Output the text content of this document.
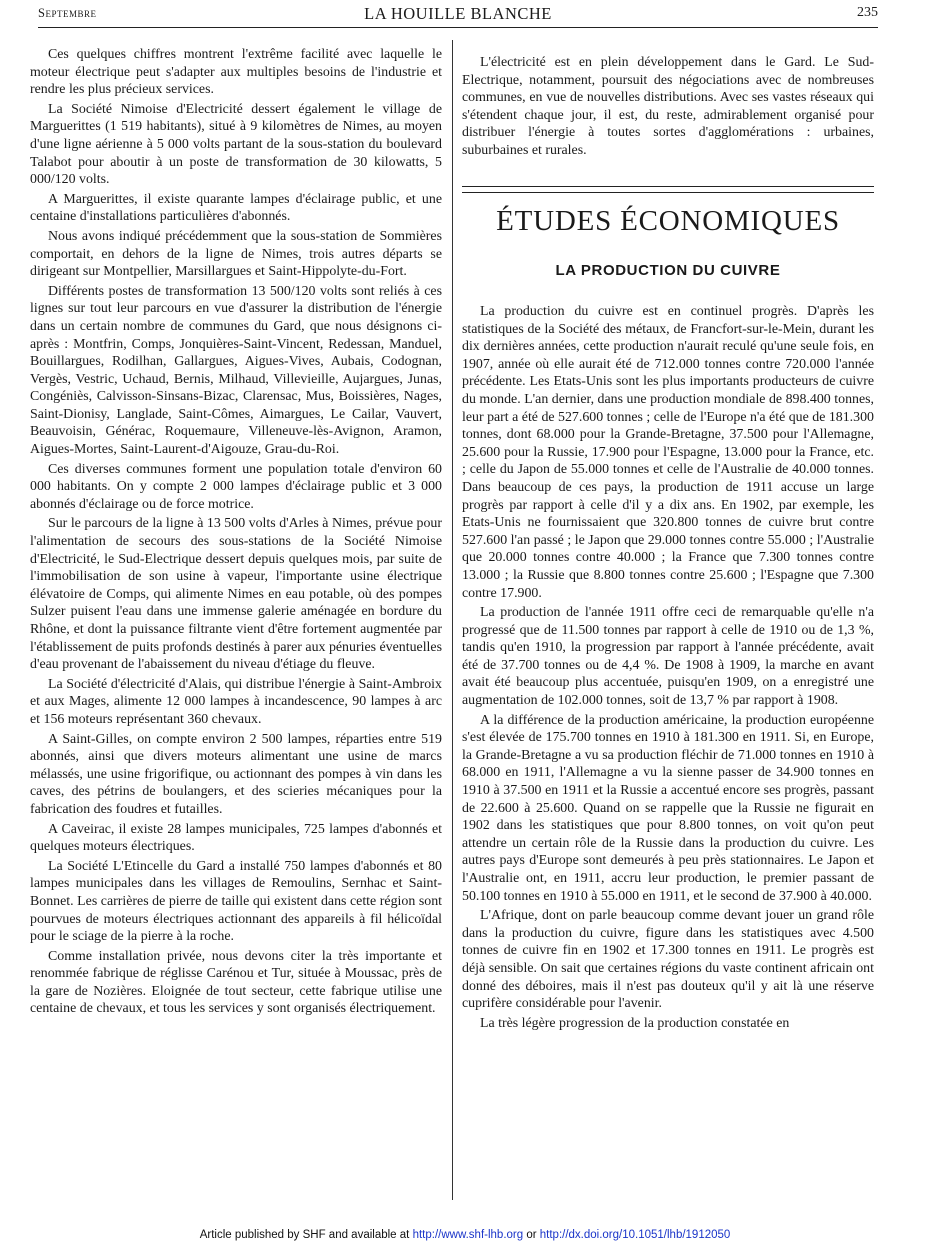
Septembre	LA HOUILLE BLANCHE	235

Ces quelques chiffres montrent l'extrême facilité avec laquelle le moteur électrique peut s'adapter aux multiples besoins de l'industrie et rendre les plus précieux services.

La Société Nimoise d'Electricité dessert également le village de Marguerittes (1 519 habitants), situé à 9 kilomètres de Nimes, au moyen d'une ligne aérienne à 5 000 volts partant de la sous-station du boulevard Talabot pour aboutir à un poste de transformation de 30 kilowatts, 5 000/120 volts.

A Marguerittes, il existe quarante lampes d'éclairage public, et une centaine d'installations particulières d'abonnés.

Nous avons indiqué précédemment que la sous-station de Sommières comportait, en dehors de la ligne de Nimes, trois autres départs se dirigeant sur Montpellier, Marsillargues et Saint-Hippolyte-du-Fort.

Différents postes de transformation 13 500/120 volts sont reliés à ces lignes sur tout leur parcours en vue d'assurer la distribution de l'énergie dans un certain nombre de communes du Gard, que nous désignons ci-après : Montfrin, Comps, Jonquières-Saint-Vincent, Redessan, Manduel, Bouillargues, Rodilhan, Gallargues, Aigues-Vives, Aubais, Codognan, Vergès, Vestric, Uchaud, Bernis, Milhaud, Villevieille, Aujargues, Junas, Congéniès, Calvisson-Sinsans-Bizac, Clarensac, Mus, Boissières, Nages, Saint-Dionisy, Langlade, Saint-Cômes, Aimargues, Le Cailar, Vauvert, Beauvoisin, Générac, Roquemaure, Villeneuve-lès-Avignon, Aramon, Aigues-Mortes, Saint-Laurent-d'Aigouze, Grau-du-Roi.

Ces diverses communes forment une population totale d'environ 60 000 habitants. On y compte 2 000 lampes d'éclairage public et 3 000 abonnés d'éclairage ou de force motrice.

Sur le parcours de la ligne à 13 500 volts d'Arles à Nimes, prévue pour l'alimentation de secours des sous-stations de la Société Nimoise d'Electricité, le Sud-Electrique dessert depuis quelques mois, par suite de l'immobilisation de son usine à vapeur, l'importante usine électrique élévatoire de Comps, qui alimente Nimes en eau potable, où des pompes Sulzer puisent l'eau dans une immense galerie aménagée en bordure du Rhône, et dont la puissance filtrante vient d'être fortement augmentée par l'établissement de puits profonds destinés à parer aux pénuries éventuelles d'eau provenant de l'abaissement du niveau d'étiage du fleuve.

La Société d'électricité d'Alais, qui distribue l'énergie à Saint-Ambroix et aux Mages, alimente 12 000 lampes à incandescence, 90 lampes à arc et 156 moteurs représentant 360 chevaux.

A Saint-Gilles, on compte environ 2 500 lampes, réparties entre 519 abonnés, ainsi que divers moteurs alimentant une usine de marcs mélassés, une usine frigorifique, ou actionnant des pompes à vin dans les caves, des pétrins de boulangers, et des scieries mécaniques pour la fabrication des foudres et futailles.

A Caveirac, il existe 28 lampes municipales, 725 lampes d'abonnés et quelques moteurs électriques.

La Société L'Etincelle du Gard a installé 750 lampes d'abonnés et 80 lampes municipales dans les villages de Remoulins, Sernhac et Saint-Bonnet. Les carrières de pierre de taille qui existent dans cette région sont pourvues de moteurs électriques actionnant des appareils à fil hélicoïdal pour le sciage de la pierre à la roche.

Comme installation privée, nous devons citer la très importante et renommée fabrique de réglisse Carénou et Tur, située à Moussac, près de la gare de Nozières. Eloignée de tout secteur, cette fabrique utilise une centaine de chevaux, et tous les services y sont organisés électriquement.

L'électricité est en plein développement dans le Gard. Le Sud-Electrique, notamment, poursuit des négociations avec de nombreuses communes, en vue de nouvelles distributions. Avec ses vastes réseaux qui s'étendent chaque jour, il est, du reste, admirablement organisé pour distribuer l'énergie à toutes sortes d'agglomérations : urbaines, suburbaines et rurales.

ÉTUDES ÉCONOMIQUES
LA PRODUCTION DU CUIVRE

La production du cuivre est en continuel progrès. D'après les statistiques de la Société des métaux, de Francfort-sur-le-Mein, durant les dix dernières années, cette production n'aurait reculé qu'une seule fois, en 1907, année où elle aurait été de 712.000 tonnes contre 720.000 l'année précédente. Les Etats-Unis sont les plus importants producteurs de cuivre du monde. L'an dernier, dans une production mondiale de 898.400 tonnes, leur part a été de 527.600 tonnes ; celle de l'Europe n'a été que de 181.300 tonnes, dont 68.000 pour la Grande-Bretagne, 37.500 pour l'Allemagne, 25.600 pour la Russie, 17.900 pour l'Espagne, 13.000 pour la France, etc. ; celle du Japon de 55.000 tonnes et celle de l'Australie de 40.000 tonnes. Dans beaucoup de ces pays, la production de 1911 accuse un large progrès par rapport à celle d'il y a dix ans. En 1902, par exemple, les Etats-Unis ne fournissaient que 320.800 tonnes de cuivre brut contre 527.600 l'an passé ; le Japon que 29.000 tonnes contre 55.000 ; l'Australie que 20.000 tonnes contre 40.000 ; la France que 7.300 tonnes contre 13.000 ; la Russie que 8.800 tonnes contre 25.600 ; l'Espagne que 7.300 contre 17.900.

La production de l'année 1911 offre ceci de remarquable qu'elle n'a progressé que de 11.500 tonnes par rapport à celle de 1910 ou de 1,3 %, tandis qu'en 1910, la progression par rapport à l'année précédente, avait été de 37.700 tonnes ou de 4,4 %. De 1908 à 1909, la marche en avant avait été beaucoup plus accentuée, puisqu'en 1909, on a enregistré une augmentation de 102.000 tonnes, soit de 13,7 % par rapport à 1908.

A la différence de la production américaine, la production européenne s'est élevée de 175.700 tonnes en 1910 à 181.300 en 1911. Si, en Europe, la Grande-Bretagne a vu sa production fléchir de 71.000 tonnes en 1910 à 68.000 en 1911, l'Allemagne a vu la sienne passer de 34.900 tonnes en 1910 à 37.500 en 1911 et la Russie a accentué encore ses progrès, passant de 22.600 à 25.600. Quand on se rappelle que la Russie ne figurait en 1902 dans les statistiques que pour 8.800 tonnes, on voit qu'on peut attendre un certain rôle de la Russie dans la production du cuivre. Les autres pays d'Europe sont demeurés à peu près stationnaires. Le Japon et l'Australie ont, en 1911, accru leur production, le premier passant de 50.100 tonnes en 1910 à 55.000 en 1911, et le second de 37.900 à 40.000.

L'Afrique, dont on parle beaucoup comme devant jouer un grand rôle dans la production du cuivre, figure dans les statistiques avec 4.500 tonnes de cuivre fin en 1902 et 17.300 tonnes en 1911. Le progrès est déjà sensible. On sait que certaines régions du vaste continent africain ont donné des déboires, mais il n'est pas douteux qu'il y ait là une réserve cuprifère considérable pour l'avenir.

La très légère progression de la production constatée en

Article published by SHF and available at http://www.shf-lhb.org or http://dx.doi.org/10.1051/lhb/1912050
